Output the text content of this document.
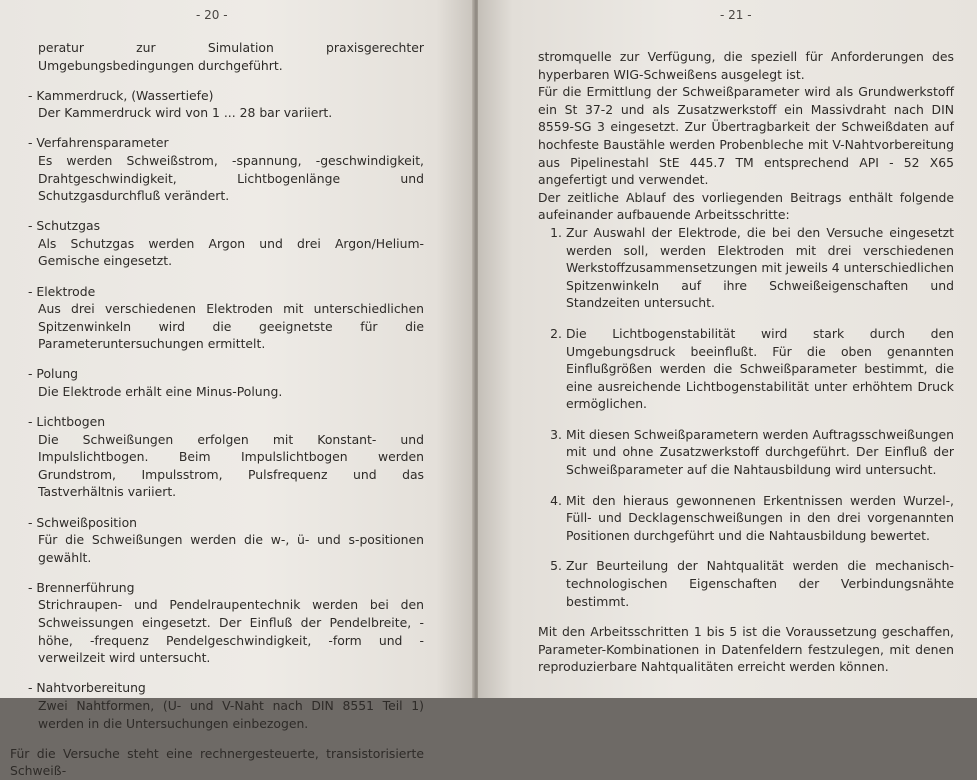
- 20 -
peratur zur Simulation praxisgerechter Umgebungsbedingungen durchgeführt.
- Kammerdruck, (Wassertiefe)
Der Kammerdruck wird von 1 ... 28 bar variiert.
- Verfahrensparameter
Es werden Schweißstrom, -spannung, -geschwindigkeit, Drahtgeschwindigkeit, Lichtbogenlänge und Schutzgasdurchfluß verändert.
- Schutzgas
Als Schutzgas werden Argon und drei Argon/Helium-Gemische eingesetzt.
- Elektrode
Aus drei verschiedenen Elektroden mit unterschiedlichen Spitzenwinkeln wird die geeignetste für die Parameteruntersuchungen ermittelt.
- Polung
Die Elektrode erhält eine Minus-Polung.
- Lichtbogen
Die Schweißungen erfolgen mit Konstant- und Impulslichtbogen. Beim Impulslichtbogen werden Grundstrom, Impulsstrom, Pulsfrequenz und das Tastverhältnis variiert.
- Schweißposition
Für die Schweißungen werden die w-, ü- und s-positionen gewählt.
- Brennerführung
Strichraupen- und Pendelraupentechnik werden bei den Schweissungen eingesetzt. Der Einfluß der Pendelbreite, -höhe, -frequenz Pendelgeschwindigkeit, -form und -verweilzeit wird untersucht.
- Nahtvorbereitung
Zwei Nahtformen, (U- und V-Naht nach DIN 8551 Teil 1) werden in die Untersuchungen einbezogen.

Für die Versuche steht eine rechnergesteuerte, transistorisierte Schweiß-

- 21 -

stromquelle zur Verfügung, die speziell für Anforderungen des hyperbaren WIG-Schweißens ausgelegt ist.

Für die Ermittlung der Schweißparameter wird als Grundwerkstoff ein St 37-2 und als Zusatzwerkstoff ein Massivdraht nach DIN 8559-SG 3 eingesetzt. Zur Übertragbarkeit der Schweißdaten auf hochfeste Baustähle werden Probenbleche mit V-Nahtvorbereitung aus Pipelinestahl StE 445.7 TM entsprechend API - 52 X65 angefertigt und verwendet.

Der zeitliche Ablauf des vorliegenden Beitrags enthält folgende aufeinander aufbauende Arbeitsschritte:

1. Zur Auswahl der Elektrode, die bei den Versuche eingesetzt werden soll, werden Elektroden mit drei verschiedenen Werkstoffzusammensetzungen mit jeweils 4 unterschiedlichen Spitzenwinkeln auf ihre Schweißeigenschaften und Standzeiten untersucht.
2. Die Lichtbogenstabilität wird stark durch den Umgebungsdruck beeinflußt. Für die oben genannten Einflußgrößen werden die Schweißparameter bestimmt, die eine ausreichende Lichtbogenstabilität unter erhöhtem Druck ermöglichen.
3. Mit diesen Schweißparametern werden Auftragsschweißungen mit und ohne Zusatzwerkstoff durchgeführt. Der Einfluß der Schweißparameter auf die Nahtausbildung wird untersucht.
4. Mit den hieraus gewonnenen Erkentnissen werden Wurzel-, Füll- und Decklagenschweißungen in den drei vorgenannten Positionen durchgeführt und die Nahtausbildung bewertet.
5. Zur Beurteilung der Nahtqualität werden die mechanisch-technologischen Eigenschaften der Verbindungsnähte bestimmt.

Mit den Arbeitsschritten 1 bis 5 ist die Voraussetzung geschaffen, Parameter-Kombinationen in Datenfeldern festzulegen, mit denen reproduzierbare Nahtqualitäten erreicht werden können.
